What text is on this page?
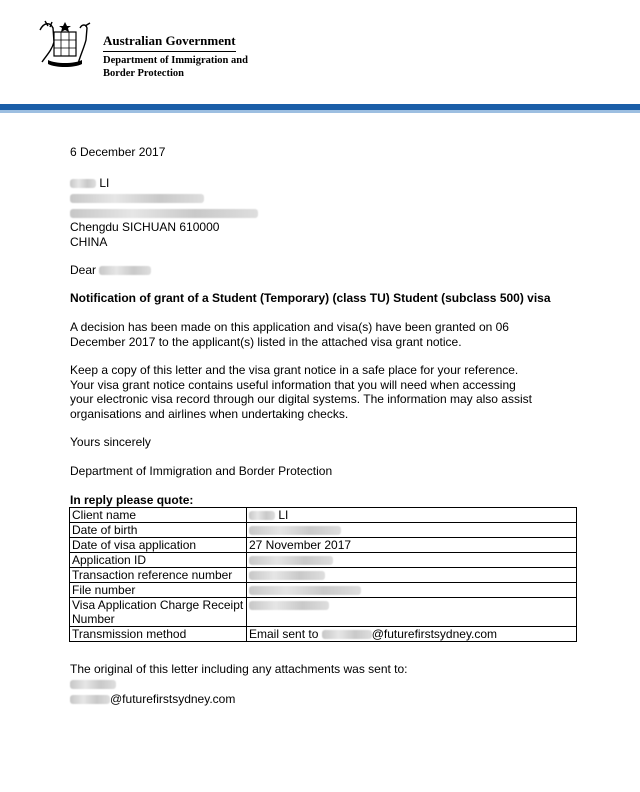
Australian Government
Department of Immigration and Border Protection
6 December 2017
LI
Chengdu SICHUAN 610000
CHINA
Dear
Notification of grant of a Student (Temporary) (class TU) Student (subclass 500) visa
A decision has been made on this application and visa(s) have been granted on 06
December 2017 to the applicant(s) listed in the attached visa grant notice.
Keep a copy of this letter and the visa grant notice in a safe place for your reference.
Your visa grant notice contains useful information that you will need when accessing
your electronic visa record through our digital systems. The information may also assist
organisations and airlines when undertaking checks.
Yours sincerely
Department of Immigration and Border Protection
In reply please quote:
Client name	LI
Date of birth	
Date of visa application	27 November 2017
Application ID	
Transaction reference number	
File number	
Visa Application Charge Receipt Number	
Transmission method	Email sent to @futurefirstsydney.com
The original of this letter including any attachments was sent to:
@futurefirstsydney.com
